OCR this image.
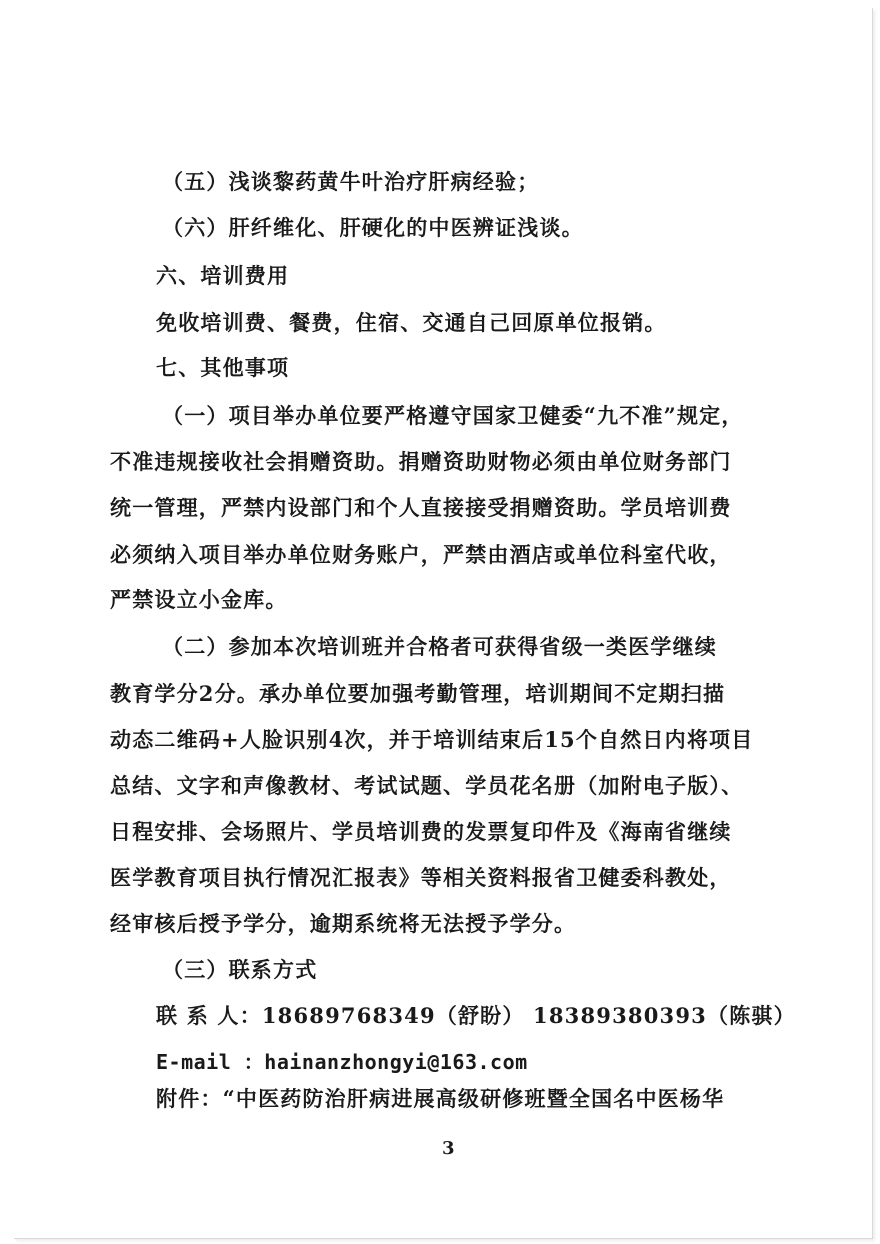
（五）浅谈黎药黄牛叶治疗肝病经验；
（六）肝纤维化、肝硬化的中医辨证浅谈。
六、培训费用
免收培训费、餐费，住宿、交通自己回原单位报销。
七、其他事项
（一）项目举办单位要严格遵守国家卫健委“九不准”规定，
不准违规接收社会捐赠资助。捐赠资助财物必须由单位财务部门
统一管理，严禁内设部门和个人直接接受捐赠资助。学员培训费
必须纳入项目举办单位财务账户，严禁由酒店或单位科室代收，
严禁设立小金库。
（二）参加本次培训班并合格者可获得省级一类医学继续
教育学分2分。承办单位要加强考勤管理，培训期间不定期扫描
动态二维码+人脸识别4次，并于培训结束后15个自然日内将项目
总结、文字和声像教材、考试试题、学员花名册（加附电子版）、
日程安排、会场照片、学员培训费的发票复印件及《海南省继续
医学教育项目执行情况汇报表》等相关资料报省卫健委科教处，
经审核后授予学分，逾期系统将无法授予学分。
（三）联系方式
联 系 人：18689768349（舒盼） 18389380393（陈骐）
E-mail ：hainanzhongyi@163.com
附件：“中医药防治肝病进展高级研修班暨全国名中医杨华
3
